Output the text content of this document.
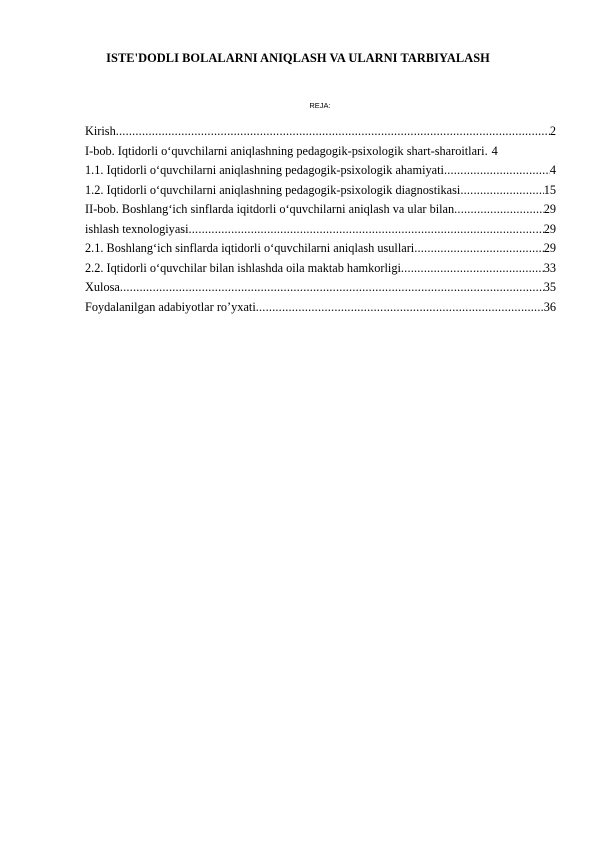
ISTE'DODLI BOLALARNI ANIQLASH VA ULARNI TARBIYALASH
REJA:
Kirish .....	2
I-bob. Iqtidorli o‘quvchilarni aniqlashning pedagogik-psixologik shart-sharoitlari. 4
1.1. Iqtidorli o‘quvchilarni aniqlashning pedagogik-psixologik ahamiyati .....	4
1.2. Iqtidorli o‘quvchilarni aniqlashning pedagogik-psixologik diagnostikasi .....	15
II-bob. Boshlang‘ich sinflarda iqitdorli o‘quvchilarni aniqlash va ular bilan .....	29
ishlash texnologiyasi .....	29
2.1. Boshlang‘ich sinflarda iqtidorli o‘quvchilarni aniqlash usullari .....	29
2.2. Iqtidorli o‘quvchilar bilan ishlashda oila maktab hamkorligi .....	33
Xulosa .....	35
Foydalanilgan adabiyotlar ro’yxati .....	36
